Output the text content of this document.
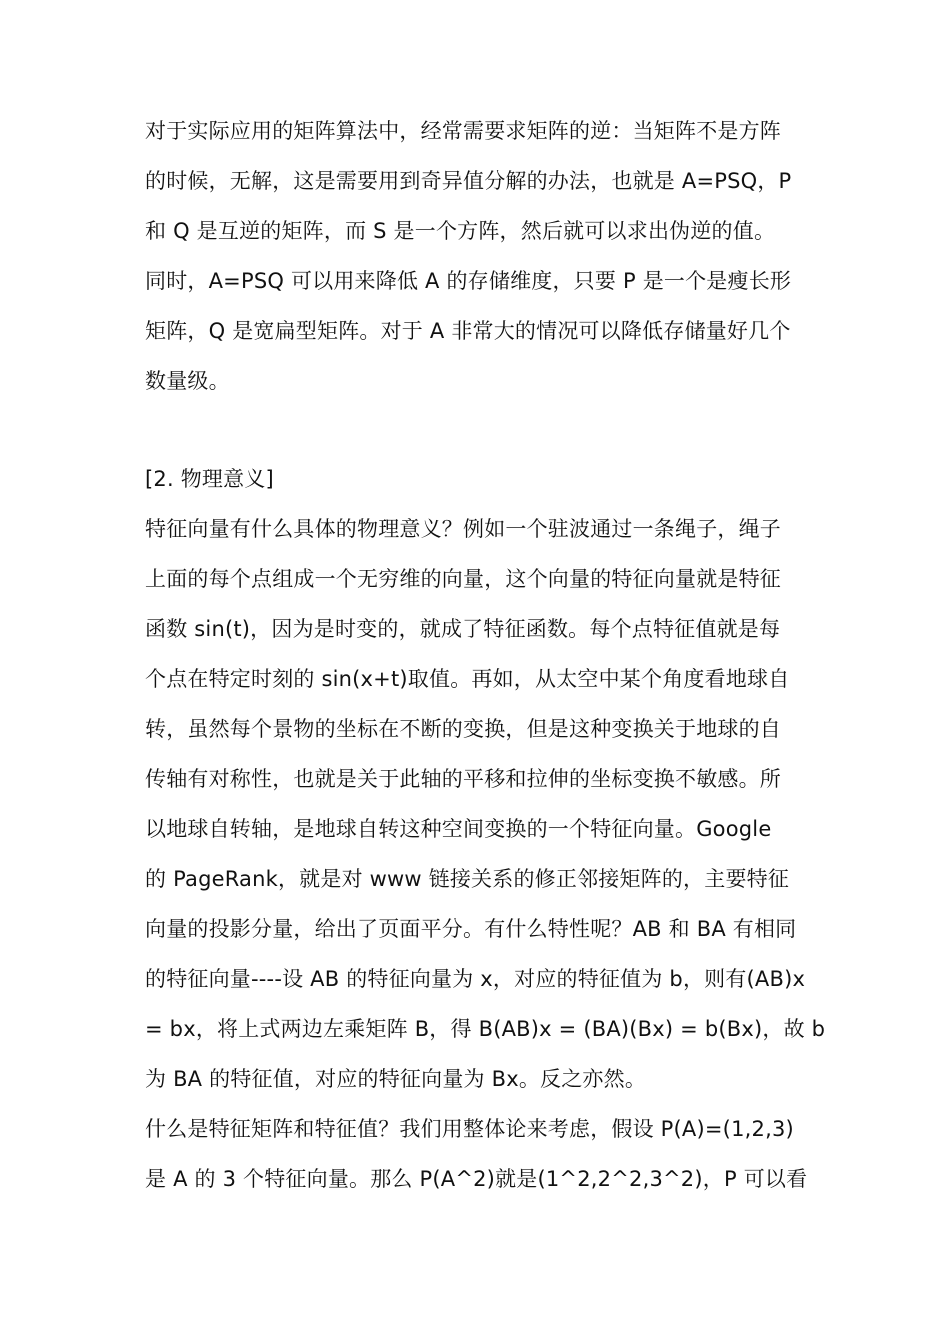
对于实际应用的矩阵算法中，经常需要求矩阵的逆：当矩阵不是方阵
的时候，无解，这是需要用到奇异值分解的办法，也就是 A=PSQ，P
和 Q 是互逆的矩阵，而 S 是一个方阵，然后就可以求出伪逆的值。
同时，A=PSQ 可以用来降低 A 的存储维度，只要 P 是一个是瘦长形
矩阵，Q 是宽扁型矩阵。对于 A 非常大的情况可以降低存储量好几个
数量级。
[2. 物理意义]
特征向量有什么具体的物理意义？例如一个驻波通过一条绳子，绳子
上面的每个点组成一个无穷维的向量，这个向量的特征向量就是特征
函数 sin(t)，因为是时变的，就成了特征函数。每个点特征值就是每
个点在特定时刻的 sin(x+t)取值。再如，从太空中某个角度看地球自
转，虽然每个景物的坐标在不断的变换，但是这种变换关于地球的自
传轴有对称性，也就是关于此轴的平移和拉伸的坐标变换不敏感。所
以地球自转轴，是地球自转这种空间变换的一个特征向量。Google
的 PageRank，就是对 www 链接关系的修正邻接矩阵的，主要特征
向量的投影分量，给出了页面平分。有什么特性呢？AB 和 BA 有相同
的特征向量----设 AB 的特征向量为 x，对应的特征值为 b，则有(AB)x
= bx，将上式两边左乘矩阵 B，得 B(AB)x = (BA)(Bx) = b(Bx)，故 b
为 BA 的特征值，对应的特征向量为 Bx。反之亦然。
什么是特征矩阵和特征值？我们用整体论来考虑，假设 P(A)=(1,2,3)
是 A 的 3 个特征向量。那么 P(A^2)就是(1^2,2^2,3^2)，P 可以看
